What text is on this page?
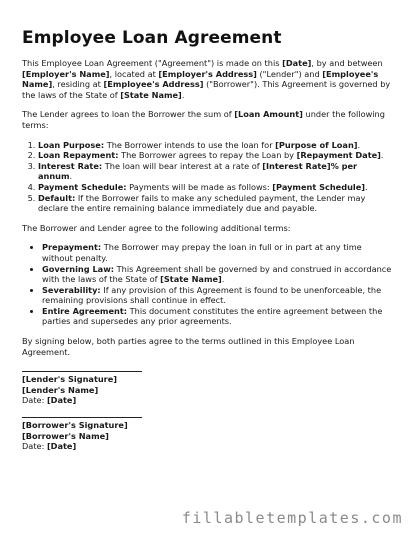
Employee Loan Agreement

This Employee Loan Agreement ("Agreement") is made on this [Date], by and between [Employer's Name], located at [Employer's Address] ("Lender") and [Employee's Name], residing at [Employee's Address] ("Borrower"). This Agreement is governed by the laws of the State of [State Name].

The Lender agrees to loan the Borrower the sum of [Loan Amount] under the following terms:

1. Loan Purpose: The Borrower intends to use the loan for [Purpose of Loan].
2. Loan Repayment: The Borrower agrees to repay the Loan by [Repayment Date].
3. Interest Rate: The loan will bear interest at a rate of [Interest Rate]% per annum.
4. Payment Schedule: Payments will be made as follows: [Payment Schedule].
5. Default: If the Borrower fails to make any scheduled payment, the Lender may declare the entire remaining balance immediately due and payable.

The Borrower and Lender agree to the following additional terms:

• Prepayment: The Borrower may prepay the loan in full or in part at any time without penalty.
• Governing Law: This Agreement shall be governed by and construed in accordance with the laws of the State of [State Name].
• Severability: If any provision of this Agreement is found to be unenforceable, the remaining provisions shall continue in effect.
• Entire Agreement: This document constitutes the entire agreement between the parties and supersedes any prior agreements.

By signing below, both parties agree to the terms outlined in this Employee Loan Agreement.

[Lender's Signature]
[Lender's Name]
Date: [Date]
[Borrower's Signature]
[Borrower's Name]
Date: [Date]
fillabletemplates.com
